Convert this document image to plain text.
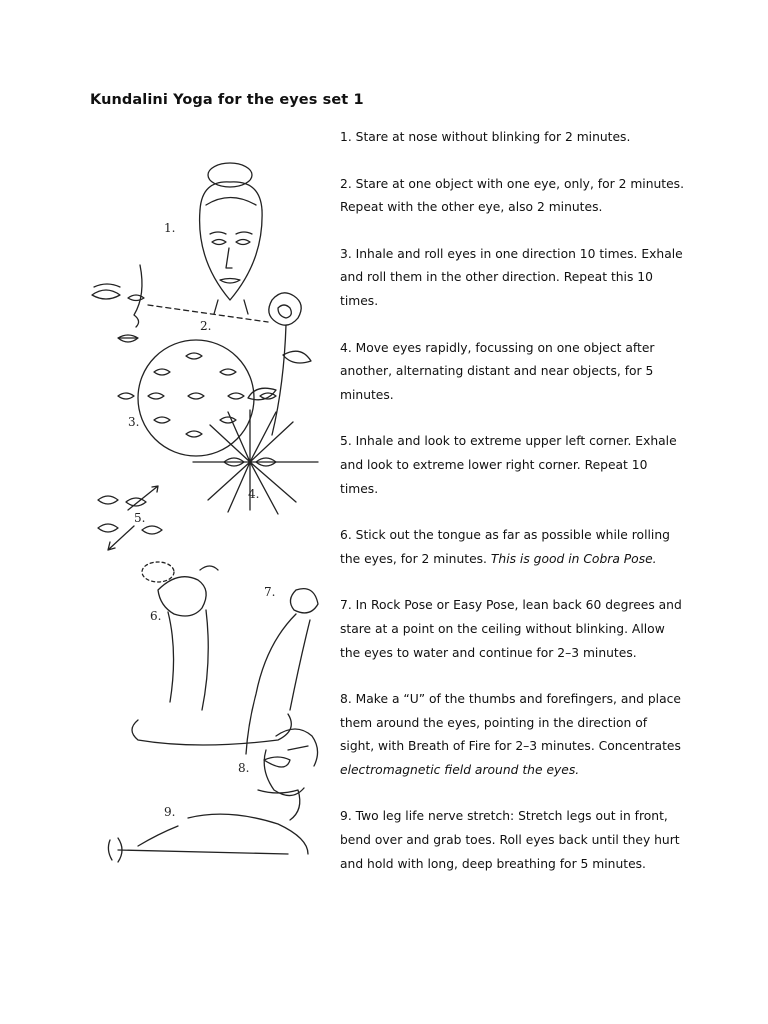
Kundalini Yoga for the eyes set 1
1. Stare at nose without blinking for 2 minutes.
2. Stare at one object with one eye, only, for 2 minutes. Repeat with the other eye, also 2 minutes.
3. Inhale and roll eyes in one direction 10 times. Exhale and roll them in the other direction. Repeat this 10 times.
4. Move eyes rapidly, focussing on one object after another, alternating distant and near objects, for 5 minutes.
5. Inhale and look to extreme upper left corner. Exhale and look to extreme lower right corner. Repeat 10 times.
6. Stick out the tongue as far as possible while rolling the eyes, for 2 minutes. This is good in Cobra Pose.
7. In Rock Pose or Easy Pose, lean back 60 degrees and stare at a point on the ceiling without blinking. Allow the eyes to water and continue for 2–3 minutes.
8. Make a “U” of the thumbs and forefingers, and place them around the eyes, pointing in the direction of sight, with Breath of Fire for 2–3 minutes. Concentrates electromagnetic field around the eyes.
9. Two leg life nerve stretch: Stretch legs out in front, bend over and grab toes. Roll eyes back until they hurt and hold with long, deep breathing for 5 minutes.
1.
2.
3.
4.
5.
6.
7.
8.
9.
